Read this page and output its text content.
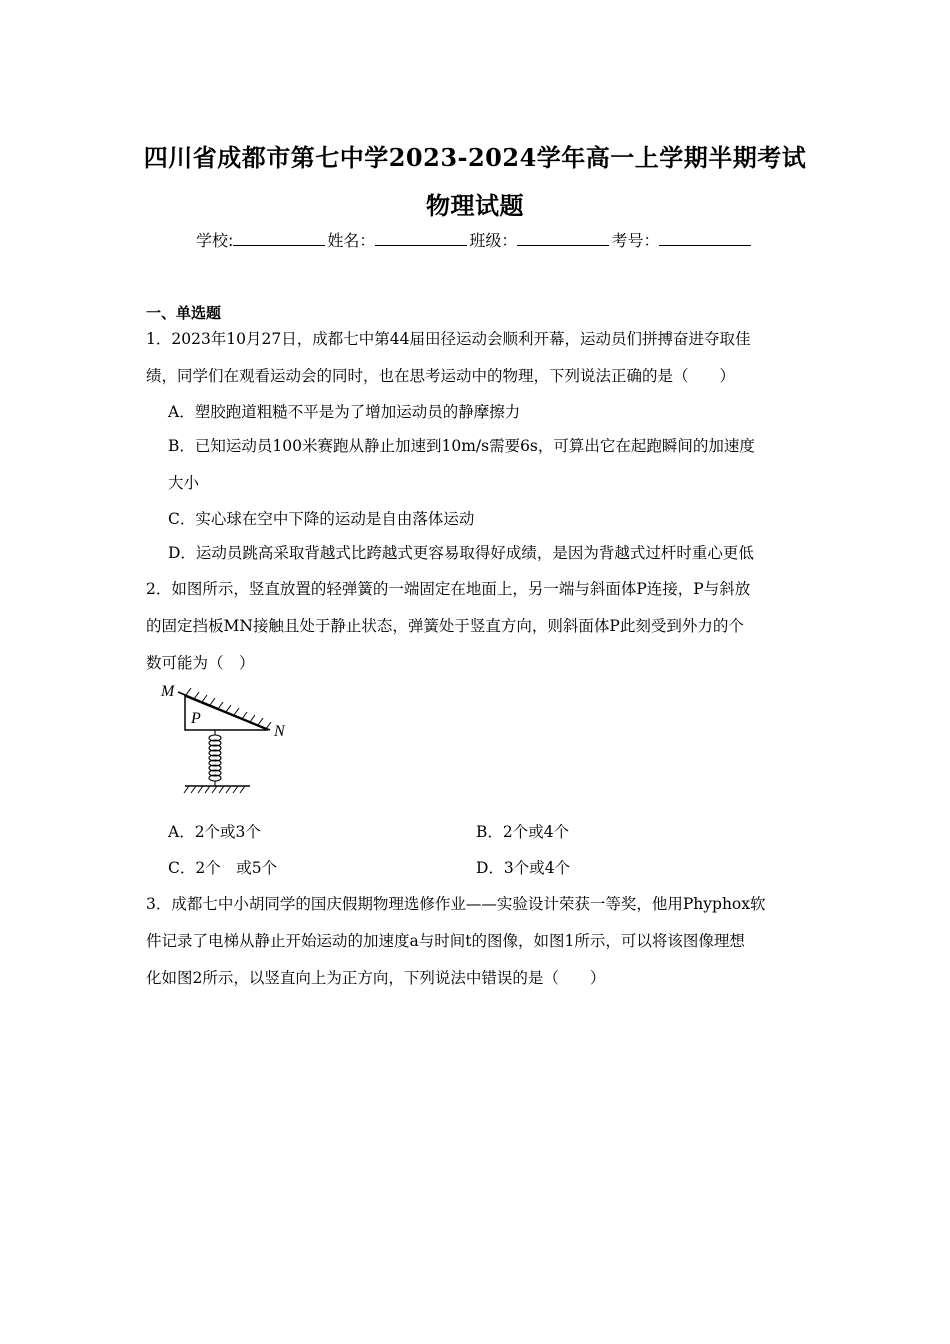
四川省成都市第七中学2023-2024学年高一上学期半期考试
物理试题
学校:	姓名：	班级：	考号：
一、单选题
1．2023年10月27日，成都七中第44届田径运动会顺利开幕，运动员们拼搏奋进夺取佳
绩，同学们在观看运动会的同时，也在思考运动中的物理，下列说法正确的是（　　）
A．塑胶跑道粗糙不平是为了增加运动员的静摩擦力
B．已知运动员100米赛跑从静止加速到10m/s需要6s，可算出它在起跑瞬间的加速度
大小
C．实心球在空中下降的运动是自由落体运动
D．运动员跳高采取背越式比跨越式更容易取得好成绩，是因为背越式过杆时重心更低
2．如图所示，竖直放置的轻弹簧的一端固定在地面上，另一端与斜面体P连接，P与斜放
的固定挡板MN接触且处于静止状态，弹簧处于竖直方向，则斜面体P此刻受到外力的个
数可能为（　）
M
N
P
A．2个或3个	B．2个或4个
C．2个　或5个	D．3个或4个
3．成都七中小胡同学的国庆假期物理选修作业——实验设计荣获一等奖，他用Phyphox软
件记录了电梯从静止开始运动的加速度a与时间t的图像，如图1所示，可以将该图像理想
化如图2所示，以竖直向上为正方向，下列说法中错误的是（　　）
